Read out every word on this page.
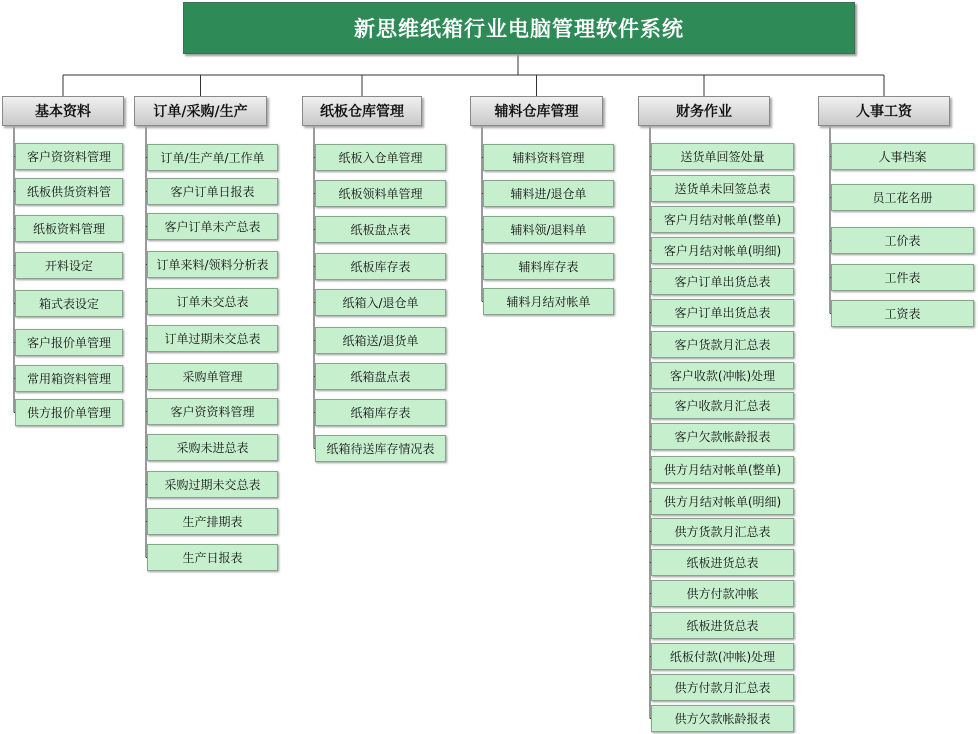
新思维纸箱行业电脑管理软件系统
基本资料
客户资资料管理
纸板供货资料管
纸板资料管理
开料设定
箱式表设定
客户报价单管理
常用箱资料管理
供方报价单管理
订单/采购/生产
订单/生产单/工作单
客户订单日报表
客户订单未产总表
订单来料/领料分析表
订单未交总表
订单过期未交总表
采购单管理
客户资资料管理
采购未进总表
采购过期未交总表
生产排期表
生产日报表
纸板仓库管理
纸板入仓单管理
纸板领料单管理
纸板盘点表
纸板库存表
纸箱入/退仓单
纸箱送/退货单
纸箱盘点表
纸箱库存表
纸箱待送库存情况表
辅料仓库管理
辅料资料管理
辅料进/退仓单
辅料领/退料单
辅料库存表
辅料月结对帐单
财务作业
送货单回签处量
送货单未回签总表
客户月结对帐单(整单)
客户月结对帐单(明细)
客户订单出货总表
客户订单出货总表
客户货款月汇总表
客户收款(冲帐)处理
客户收款月汇总表
客户欠款帐龄报表
供方月结对帐单(整单)
供方月结对帐单(明细)
供方货款月汇总表
纸板进货总表
供方付款冲帐
纸板进货总表
纸板付款(冲帐)处理
供方付款月汇总表
供方欠款帐龄报表
人事工资
人事档案
员工花名册
工价表
工件表
工资表
